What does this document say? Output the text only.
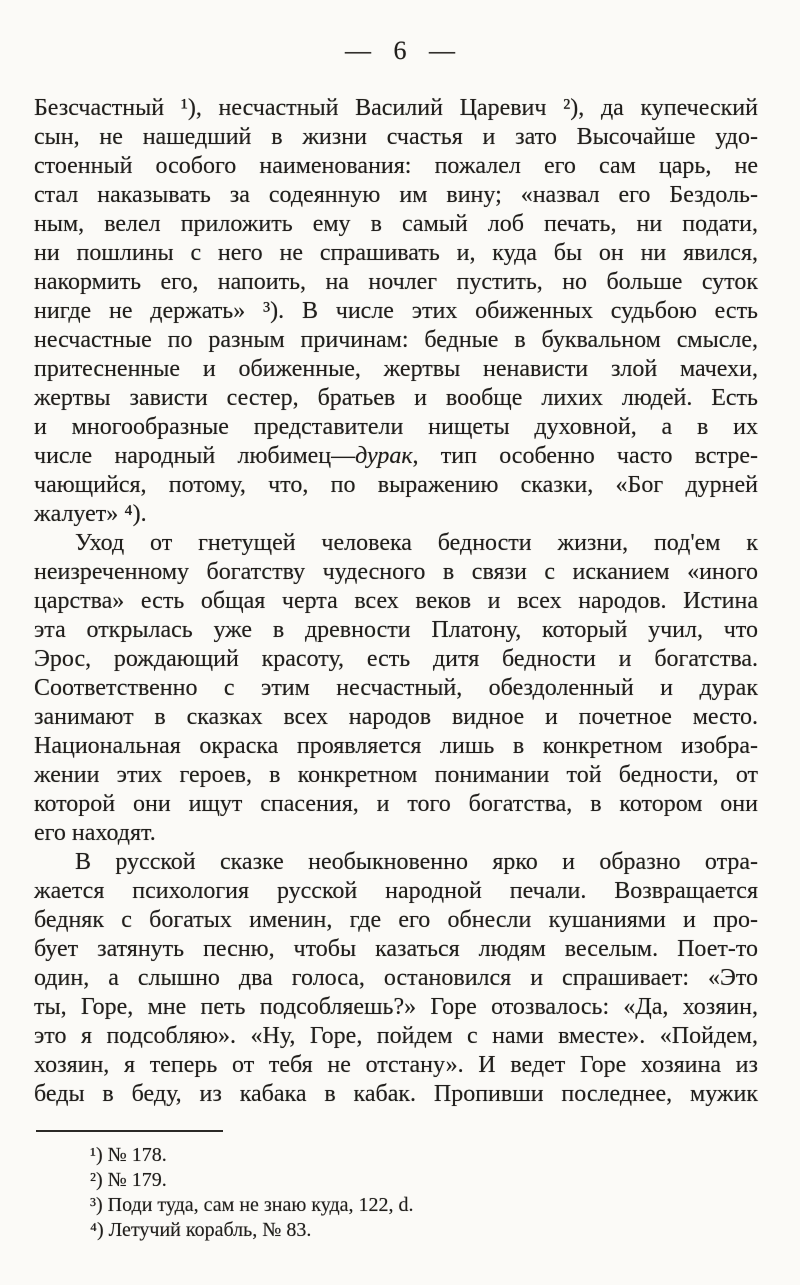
— 6 —
Безсчастный ¹), несчастный Василий Царевич ²), да купеческий
сын, не нашедший в жизни счастья и зато Высочайше удо-
стоенный особого наименования: пожалел его сам царь, не
стал наказывать за содеянную им вину; «назвал его Бездоль-
ным, велел приложить ему в самый лоб печать, ни подати,
ни пошлины с него не спрашивать и, куда бы он ни явился,
накормить его, напоить, на ночлег пустить, но больше суток
нигде не держать» ³). В числе этих обиженных судьбою есть
несчастные по разным причинам: бедные в буквальном смысле,
притесненные и обиженные, жертвы ненависти злой мачехи,
жертвы зависти сестер, братьев и вообще лихих людей. Есть
и многообразные представители нищеты духовной, а в их
числе народный любимец—дурак, тип особенно часто встре-
чающийся, потому, что, по выражению сказки, «Бог дурней
жалует» ⁴).
Уход от гнетущей человека бедности жизни, под'ем к
неизреченному богатству чудесного в связи с исканием «иного
царства» есть общая черта всех веков и всех народов. Истина
эта открылась уже в древности Платону, который учил, что
Эрос, рождающий красоту, есть дитя бедности и богатства.
Соответственно с этим несчастный, обездоленный и дурак
занимают в сказках всех народов видное и почетное место.
Национальная окраска проявляется лишь в конкретном изобра-
жении этих героев, в конкретном понимании той бедности, от
которой они ищут спасения, и того богатства, в котором они
его находят.
В русской сказке необыкновенно ярко и образно отра-
жается психология русской народной печали. Возвращается
бедняк с богатых именин, где его обнесли кушаниями и про-
бует затянуть песню, чтобы казаться людям веселым. Поет-то
один, а слышно два голоса, остановился и спрашивает: «Это
ты, Горе, мне петь подсобляешь?» Горе отозвалось: «Да, хозяин,
это я подсобляю». «Ну, Горе, пойдем с нами вместе». «Пойдем,
хозяин, я теперь от тебя не отстану». И ведет Горе хозяина из
беды в беду, из кабака в кабак. Пропивши последнее, мужик
¹) № 178.
²) № 179.
³) Поди туда, сам не знаю куда, 122, d.
⁴) Летучий корабль, № 83.
